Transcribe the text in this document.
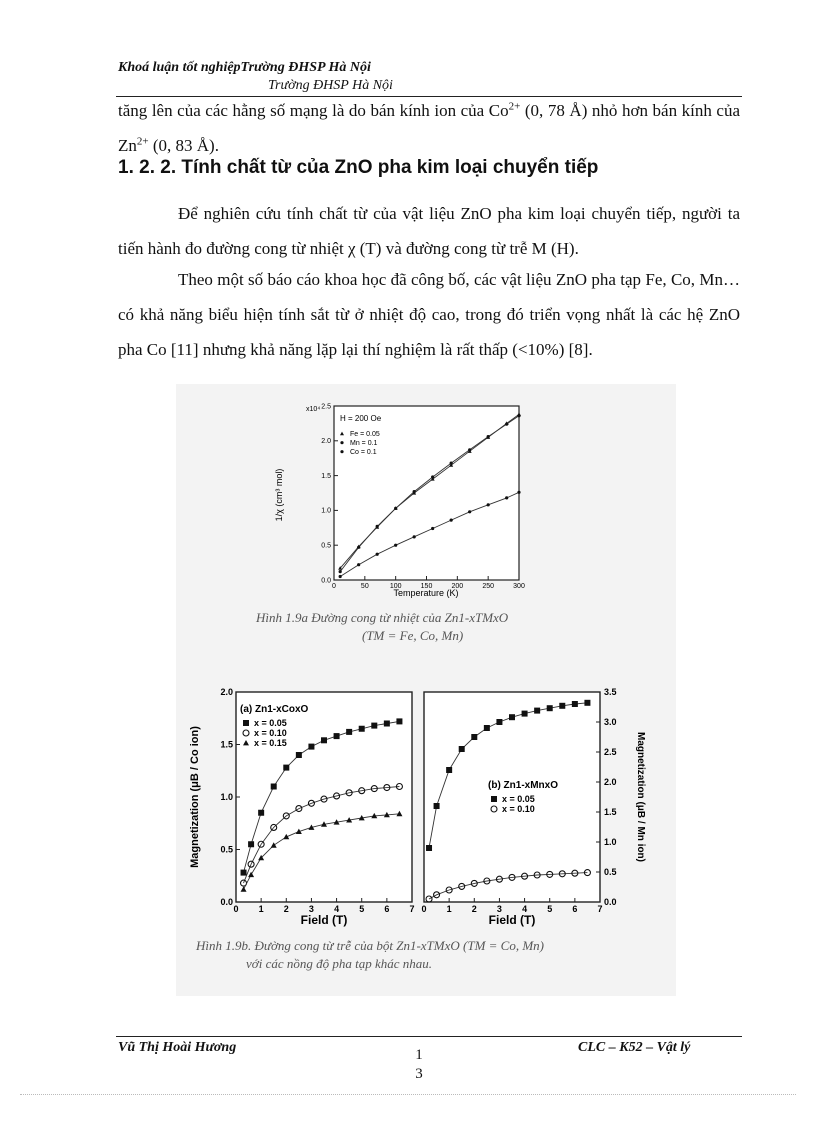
Khoá luận tốt nghiệpTrường ĐHSP Hà Nội
Trường ĐHSP Hà Nội
tăng lên của các hằng số mạng là do bán kính ion của $Co^{2+}$ (0, 78 Å) nhỏ hơn bán kính của $Zn^{2+}$ (0, 83 Å).
1. 2. 2. Tính chất từ của ZnO pha kim loại chuyển tiếp
Để nghiên cứu tính chất từ của vật liệu ZnO pha kim loại chuyển tiếp, người ta tiến hành đo đường cong từ nhiệt χ (T) và đường cong từ trễ M (H).
Theo một số báo cáo khoa học đã công bố, các vật liệu ZnO pha tạp Fe, Co, Mn… có khả năng biểu hiện tính sắt từ ở nhiệt độ cao, trong đó triển vọng nhất là các hệ ZnO pha Co [11] nhưng khả năng lặp lại thí nghiệm là rất thấp (<10%) [8].
0	50	100	150	200	250	300
0.0
0.5
1.0
1.5
2.0
2.5
Fe = 0.05
Mn = 0.1
Co = 0.1
1/χ (cm³ mol)
x10⁴
Temperature (K)
H = 200 Oe
Hình 1.9a Đường cong từ nhiệt của Zn1-xTMxO
(TM = Fe, Co, Mn)
0 1 2 3 4 5 6 7
0.0
0.5
1.0
1.5
2.0
x = 0.05
x = 0.10
x = 0.15
Magnetization (μB / Co ion)
Field (T)
(a) Zn1-xCoxO
0 1 2 3 4 5 6 7
0.0
0.5
1.0
1.5
2.0
2.5
3.0
3.5
x = 0.05
x = 0.10	Magnetization (μB / Mn ion)
Field (T)
(b) Zn1-xMnxO
Hình 1.9b. Đường cong từ trễ của bột Zn1-xTMxO (TM = Co, Mn)
với các nồng độ pha tạp khác nhau.
Vũ Thị Hoài Hương	1
3
CLC – K52 – Vật lý
